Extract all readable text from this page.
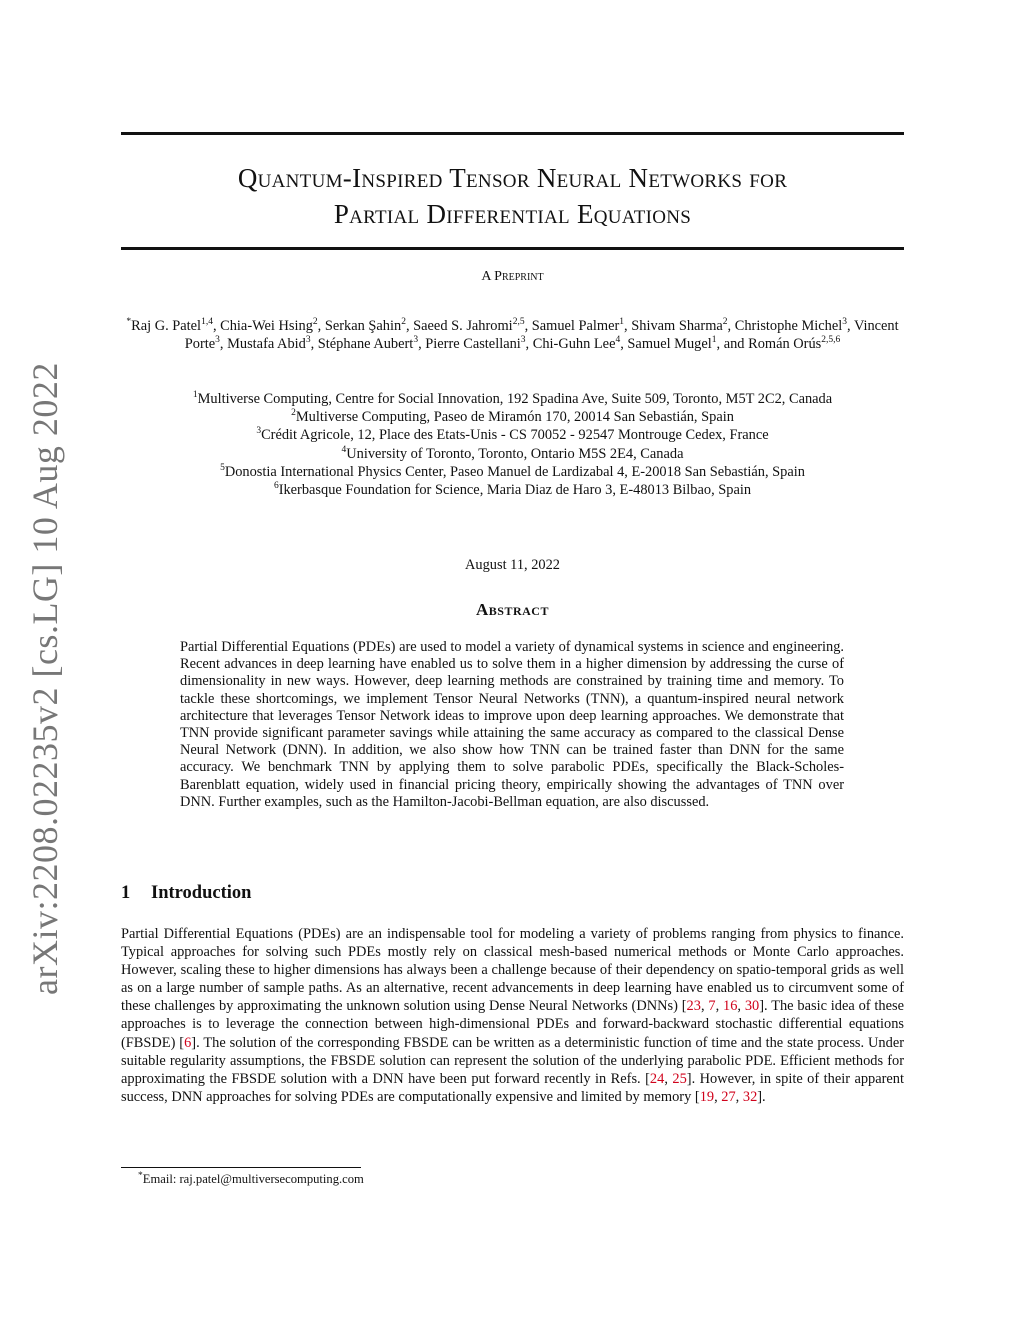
arXiv:2208.02235v2 [cs.LG] 10 Aug 2022
Quantum-Inspired Tensor Neural Networks for
Partial Differential Equations
A Preprint
*Raj G. Patel$^{1,4}$, Chia-Wei Hsing$^2$, Serkan Şahin$^2$, Saeed S. Jahromi$^{2,5}$, Samuel Palmer$^1$, Shivam Sharma$^2$, Christophe Michel$^3$, Vincent Porte$^3$, Mustafa Abid$^3$, Stéphane Aubert$^3$, Pierre Castellani$^3$, Chi-Guhn Lee$^4$, Samuel Mugel$^1$, and Román Orús$^{2,5,6}$
$^1$Multiverse Computing, Centre for Social Innovation, 192 Spadina Ave, Suite 509, Toronto, M5T 2C2, Canada
$^2$Multiverse Computing, Paseo de Miramón 170, 20014 San Sebastián, Spain
$^3$Crédit Agricole, 12, Place des Etats-Unis - CS 70052 - 92547 Montrouge Cedex, France
$^4$University of Toronto, Toronto, Ontario M5S 2E4, Canada
$^5$Donostia International Physics Center, Paseo Manuel de Lardizabal 4, E-20018 San Sebastián, Spain
$^6$Ikerbasque Foundation for Science, Maria Diaz de Haro 3, E-48013 Bilbao, Spain
August 11, 2022
Abstract
Partial Differential Equations (PDEs) are used to model a variety of dynamical systems in science and engineering. Recent advances in deep learning have enabled us to solve them in a higher dimension by addressing the curse of dimensionality in new ways. However, deep learning methods are constrained by training time and memory. To tackle these shortcomings, we implement Tensor Neural Networks (TNN), a quantum-inspired neural network architecture that leverages Tensor Network ideas to improve upon deep learning approaches. We demonstrate that TNN provide significant parameter savings while attaining the same accuracy as compared to the classical Dense Neural Network (DNN). In addition, we also show how TNN can be trained faster than DNN for the same accuracy. We benchmark TNN by applying them to solve parabolic PDEs, specifically the Black-Scholes-Barenblatt equation, widely used in financial pricing theory, empirically showing the advantages of TNN over DNN. Further examples, such as the Hamilton-Jacobi-Bellman equation, are also discussed.
1 Introduction
Partial Differential Equations (PDEs) are an indispensable tool for modeling a variety of problems ranging from physics to finance. Typical approaches for solving such PDEs mostly rely on classical mesh-based numerical methods or Monte Carlo approaches. However, scaling these to higher dimensions has always been a challenge because of their dependency on spatio-temporal grids as well as on a large number of sample paths. As an alternative, recent advancements in deep learning have enabled us to circumvent some of these challenges by approximating the unknown solution using Dense Neural Networks (DNNs) [23, 7, 16, 30]. The basic idea of these approaches is to leverage the connection between high-dimensional PDEs and forward-backward stochastic differential equations (FBSDE) [6]. The solution of the corresponding FBSDE can be written as a deterministic function of time and the state process. Under suitable regularity assumptions, the FBSDE solution can represent the solution of the underlying parabolic PDE. Efficient methods for approximating the FBSDE solution with a DNN have been put forward recently in Refs. [24, 25]. However, in spite of their apparent success, DNN approaches for solving PDEs are computationally expensive and limited by memory [19, 27, 32].
*Email: raj.patel@multiversecomputing.com
